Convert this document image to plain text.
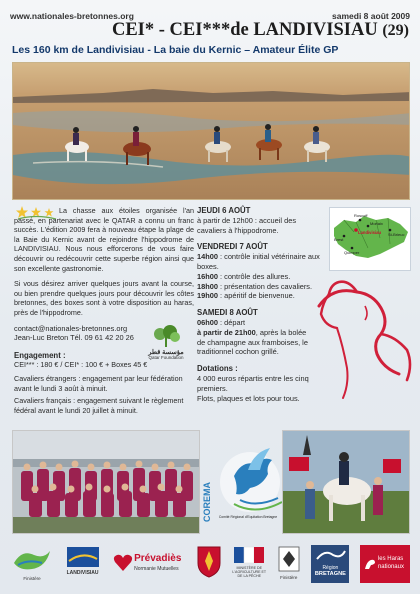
www.nationales-bretonnes.org	samedi 8 août 2009
CEI* - CEI***de LANDIVISIAU (29)
Les 160 km de Landivisiau - La baie du Kernic – Amateur Élite GP

La chasse aux étoiles organisée l'an passé, en partenariat avec le QATAR a connu un franc succès. L'édition 2009 fera à nouveau étape la plage de la Baie du Kernic avant de rejoindre l'hippodrome de LANDIVISIAU. Nous nous efforcerons de vous faire découvrir ou redécouvrir cette superbe région ainsi que son excellente gastronomie.

Si vous désirez arriver quelques jours avant la course, ou bien prendre quelques jours pour découvrir les côtes bretonnes, des boxes sont à votre disposition au haras, près de l'hippodrome.

contact@nationales-bretonnes.org
Jean-Luc Breton Tél. 09 61 42 20 26
Engagement :
CEI*** : 180 € / CEI* : 100 € + Boxes 45 €
Cavaliers étrangers : engagement par leur fédération avant le lundi 3 août à minuit.
Cavaliers français : engagement suivant le règlement fédéral avant le lundi 20 juillet à minuit.
مؤسسة قطر
Qatar Foundation
JEUDI 6 AOÛT
à partir de 12h00 : accueil des cavaliers à l'hippodrome.
VENDREDI 7 AOÛT
14h00 : contrôle initial vétérinaire aux boxes.
16h00 : contrôle des allures.
18h00 : présentation des cavaliers.
19h00 : apéritif de bienvenue.
SAMEDI 8 AOÛT
06h00 : départ
à partir de 21h00, après la bolée de champagne aux framboises, le traditionnel cochon grillé.
Dotations :
4 000 euros répartis entre les cinq premiers.
Flots, plaques et lots pour tous.
Roscoff
Brest
Morlaix
Landivisiau
Quimper
St-Brieuc
COREMA Comité Régional d'Equitation Bretagne
Finistère
LANDIVISIAU
Prévadiès
Normanie Mutuelles	MINISTÈRE DE L'AGRICULTURE ET DE LA PÊCHE	Finistère
Région
BRETAGNE
les Haras
nationaux
